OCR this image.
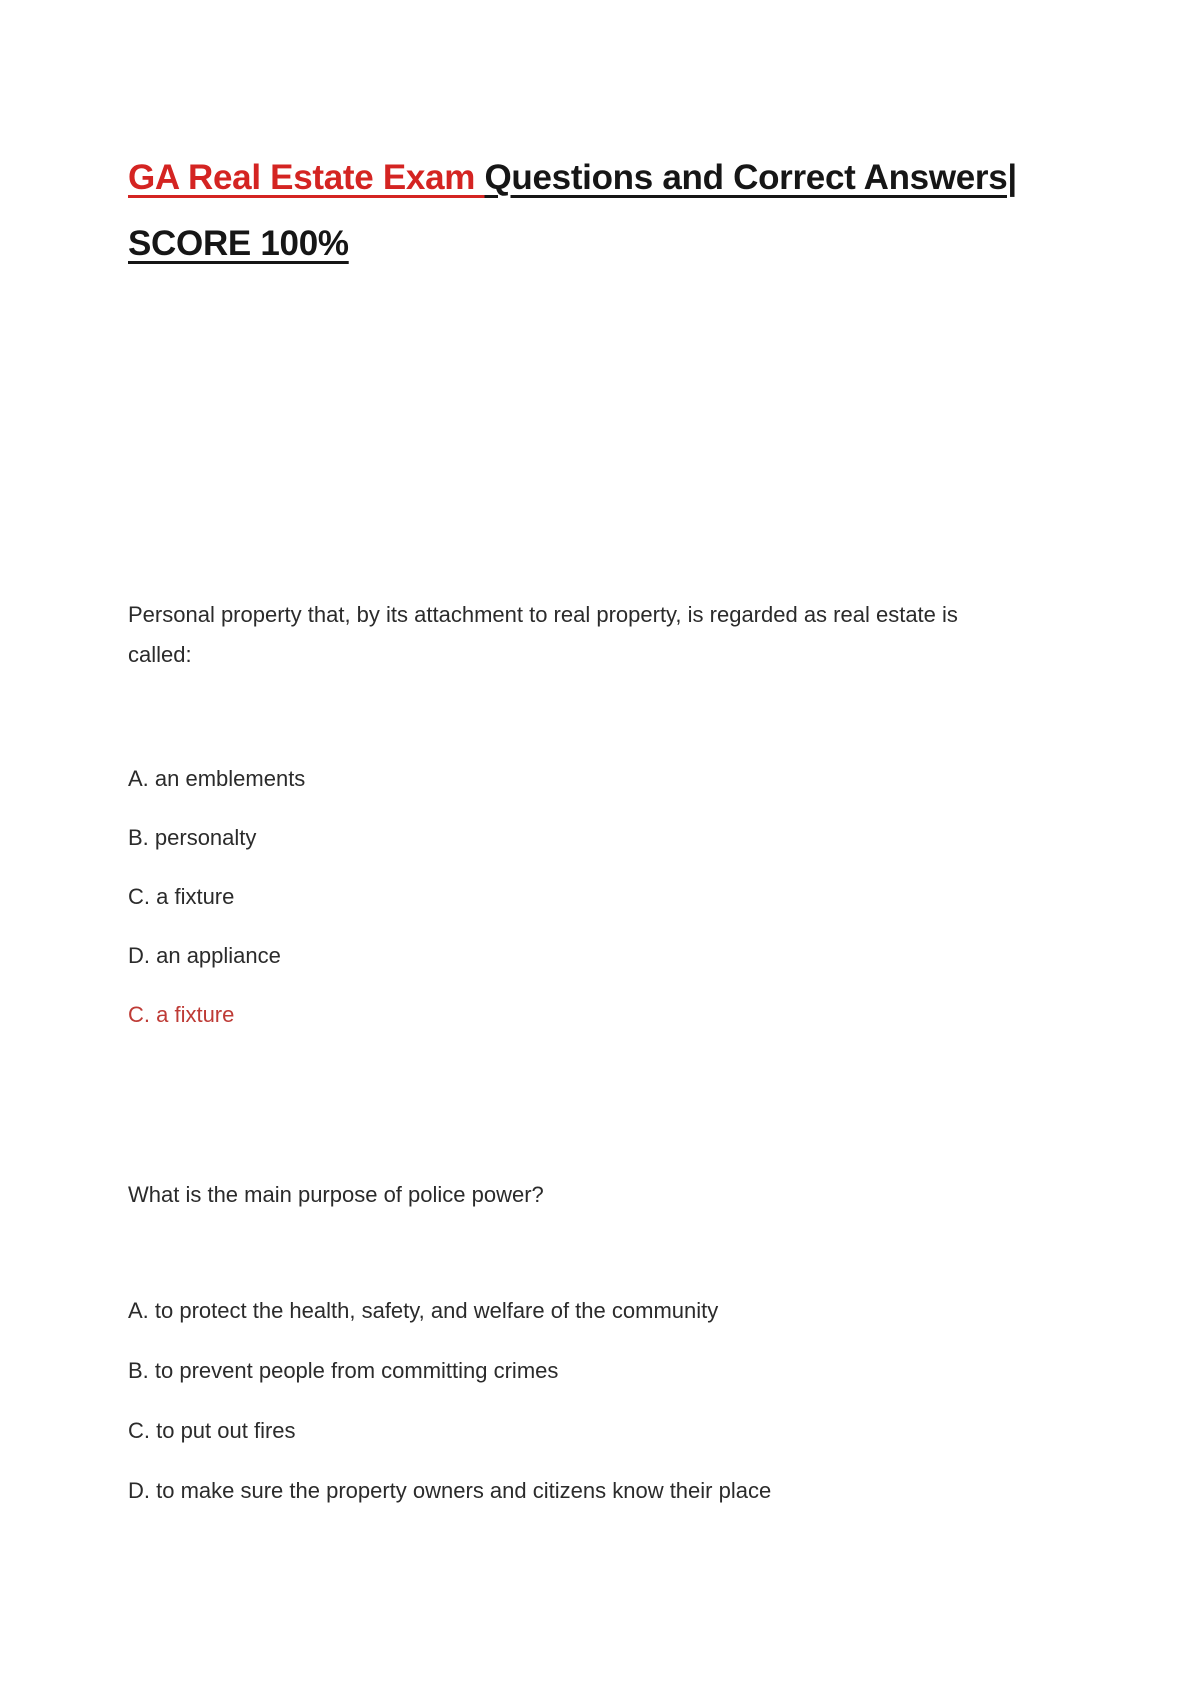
GA Real Estate Exam Questions and Correct Answers| SCORE 100%
Personal property that, by its attachment to real property, is regarded as real estate is called:
A. an emblements
B. personalty
C. a fixture
D. an appliance
C. a fixture
What is the main purpose of police power?
A. to protect the health, safety, and welfare of the community
B. to prevent people from committing crimes
C. to put out fires
D. to make sure the property owners and citizens know their place
